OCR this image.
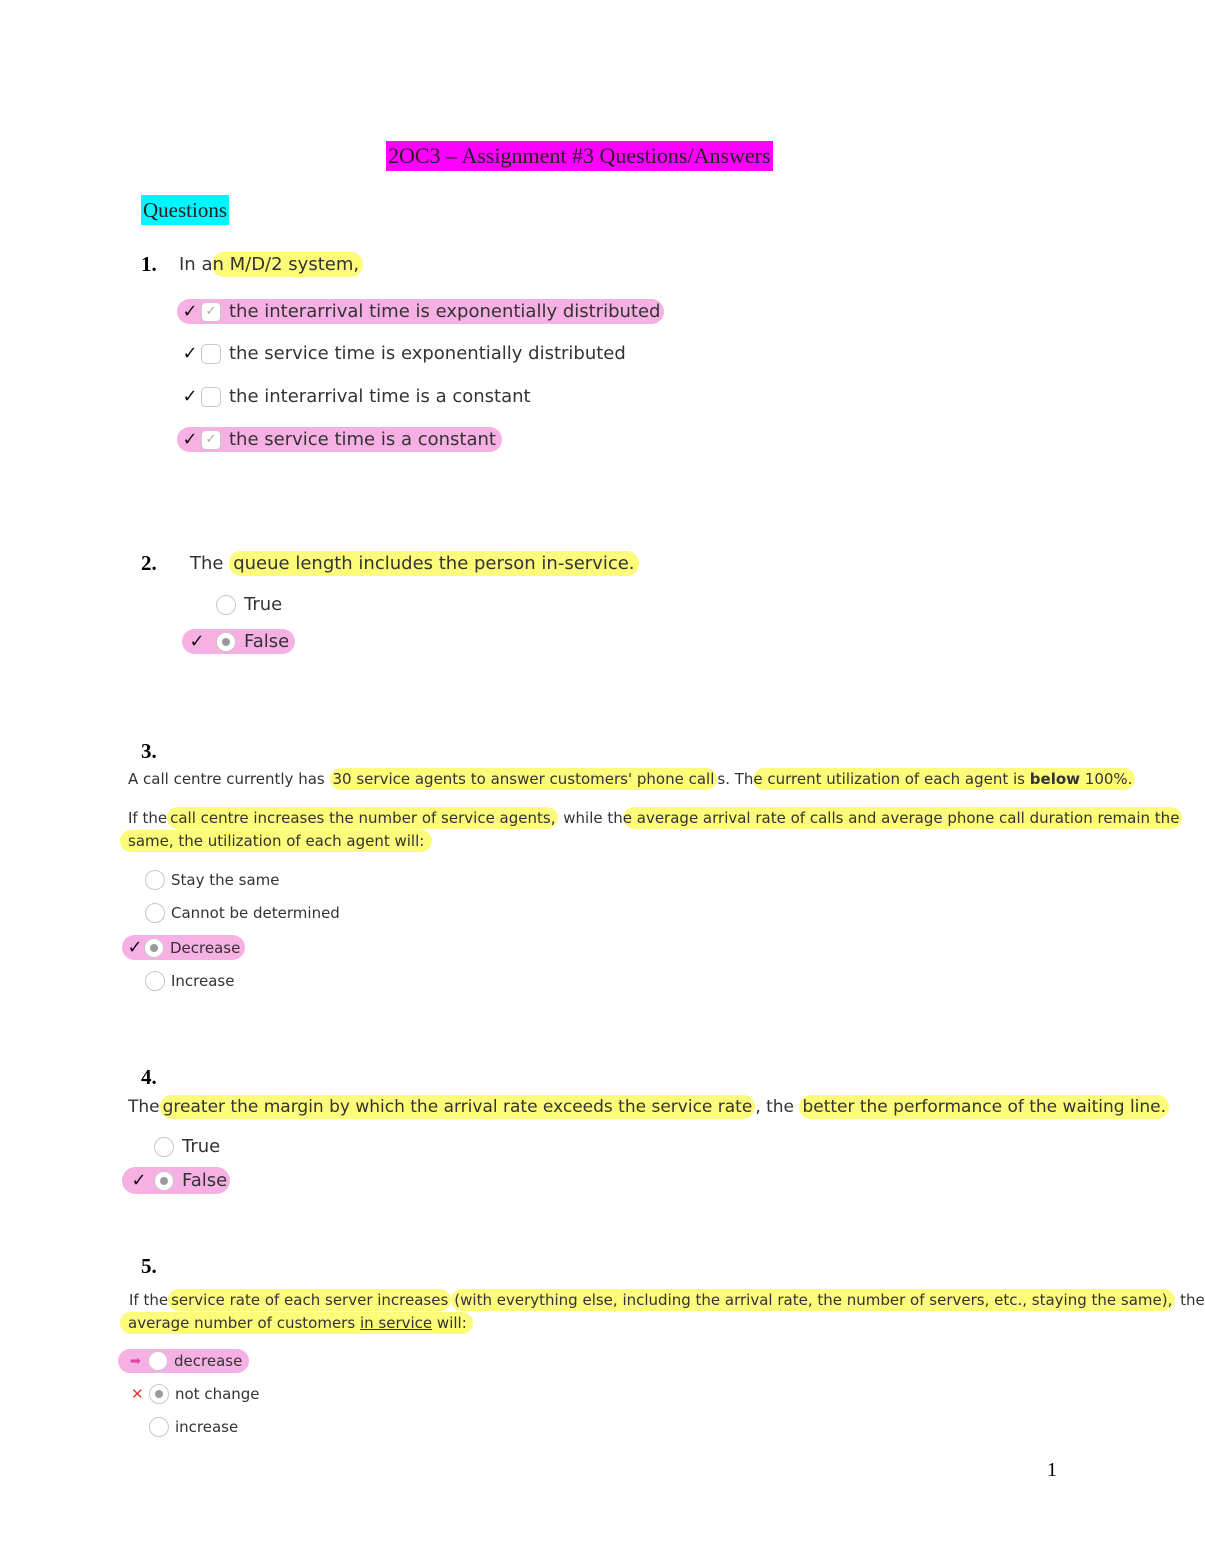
2OC3 – Assignment #3 Questions/Answers
Questions
1. In an M/D/2 system,
✓ ✓ the interarrival time is exponentially distributed
✓ the service time is exponentially distributed
✓ the interarrival time is a constant
✓ ✓ the service time is a constant
2. The queue length includes the person in-service.
True
✓ False
3.
A call centre currently has 30 service agents to answer customers' phone call s. The current utilization of each agent is below 100%.
If the call centre increases the number of service agents, while the average arrival rate of calls and average phone call duration remain the
same, the utilization of each agent will:
Stay the same
Cannot be determined
✓ Decrease
Increase
4.
The greater the margin by which the arrival rate exceeds the service rate , the better the performance of the waiting line.
True
✓ False
5.
If the service rate of each server increases (with everything else, including the arrival rate, the number of servers, etc., staying the same), the
average number of customers in service will:
➡	decrease
✕	not change
increase
1
